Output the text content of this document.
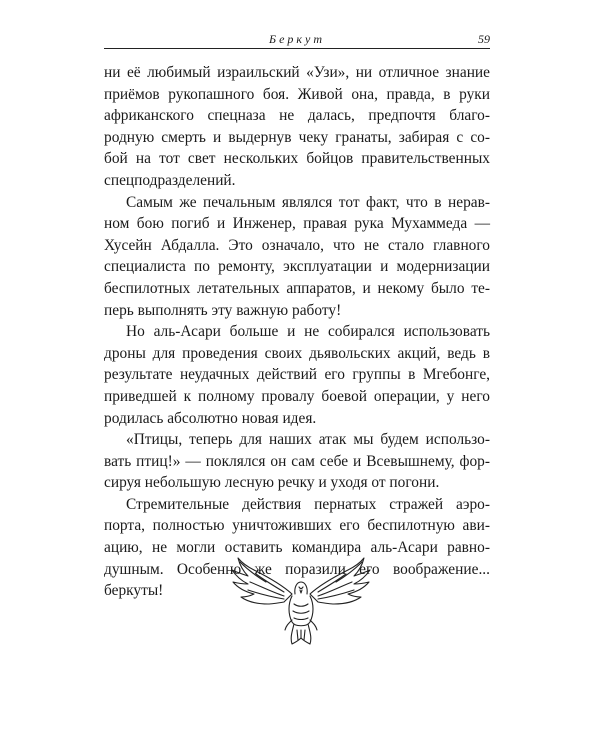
Беркут	59
ни её любимый израильский «Узи», ни отличное знание
приёмов рукопашного боя. Живой она, правда, в руки
африканского спецназа не далась, предпочтя благо-
родную смерть и выдернув чеку гранаты, забирая с со-
бой на тот свет нескольких бойцов правительственных
спецподразделений.
Самым же печальным являлся тот факт, что в нерав-
ном бою погиб и Инженер, правая рука Мухаммеда —
Хусейн Абдалла. Это означало, что не стало главного
специалиста по ремонту, эксплуатации и модернизации
беспилотных летательных аппаратов, и некому было те-
перь выполнять эту важную работу!
Но аль-Асари больше и не собирался использовать
дроны для проведения своих дьявольских акций, ведь в
результате неудачных действий его группы в Мгебонге,
приведшей к полному провалу боевой операции, у него
родилась абсолютно новая идея.
«Птицы, теперь для наших атак мы будем использо-
вать птиц!» — поклялся он сам себе и Всевышнему, фор-
сируя небольшую лесную речку и уходя от погони.
Стремительные действия пернатых стражей аэро-
порта, полностью уничтоживших его беспилотную ави-
ацию, не могли оставить командира аль-Асари равно-
душным. Особенно же поразили его воображение...
беркуты!
